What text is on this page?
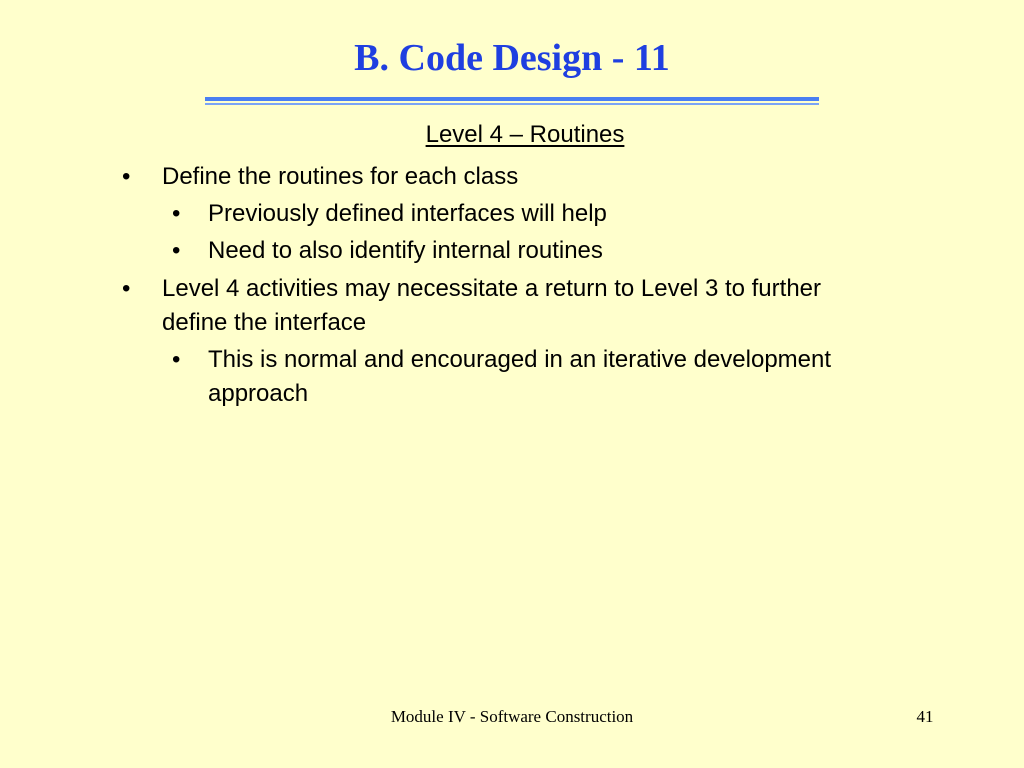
B. Code Design - 11
Level 4 – Routines
• Define the routines for each class
• Previously defined interfaces will help
• Need to also identify internal routines
• Level 4 activities may necessitate a return to Level 3 to further define the interface
• This is normal and encouraged in an iterative development approach
Module IV - Software Construction	41
